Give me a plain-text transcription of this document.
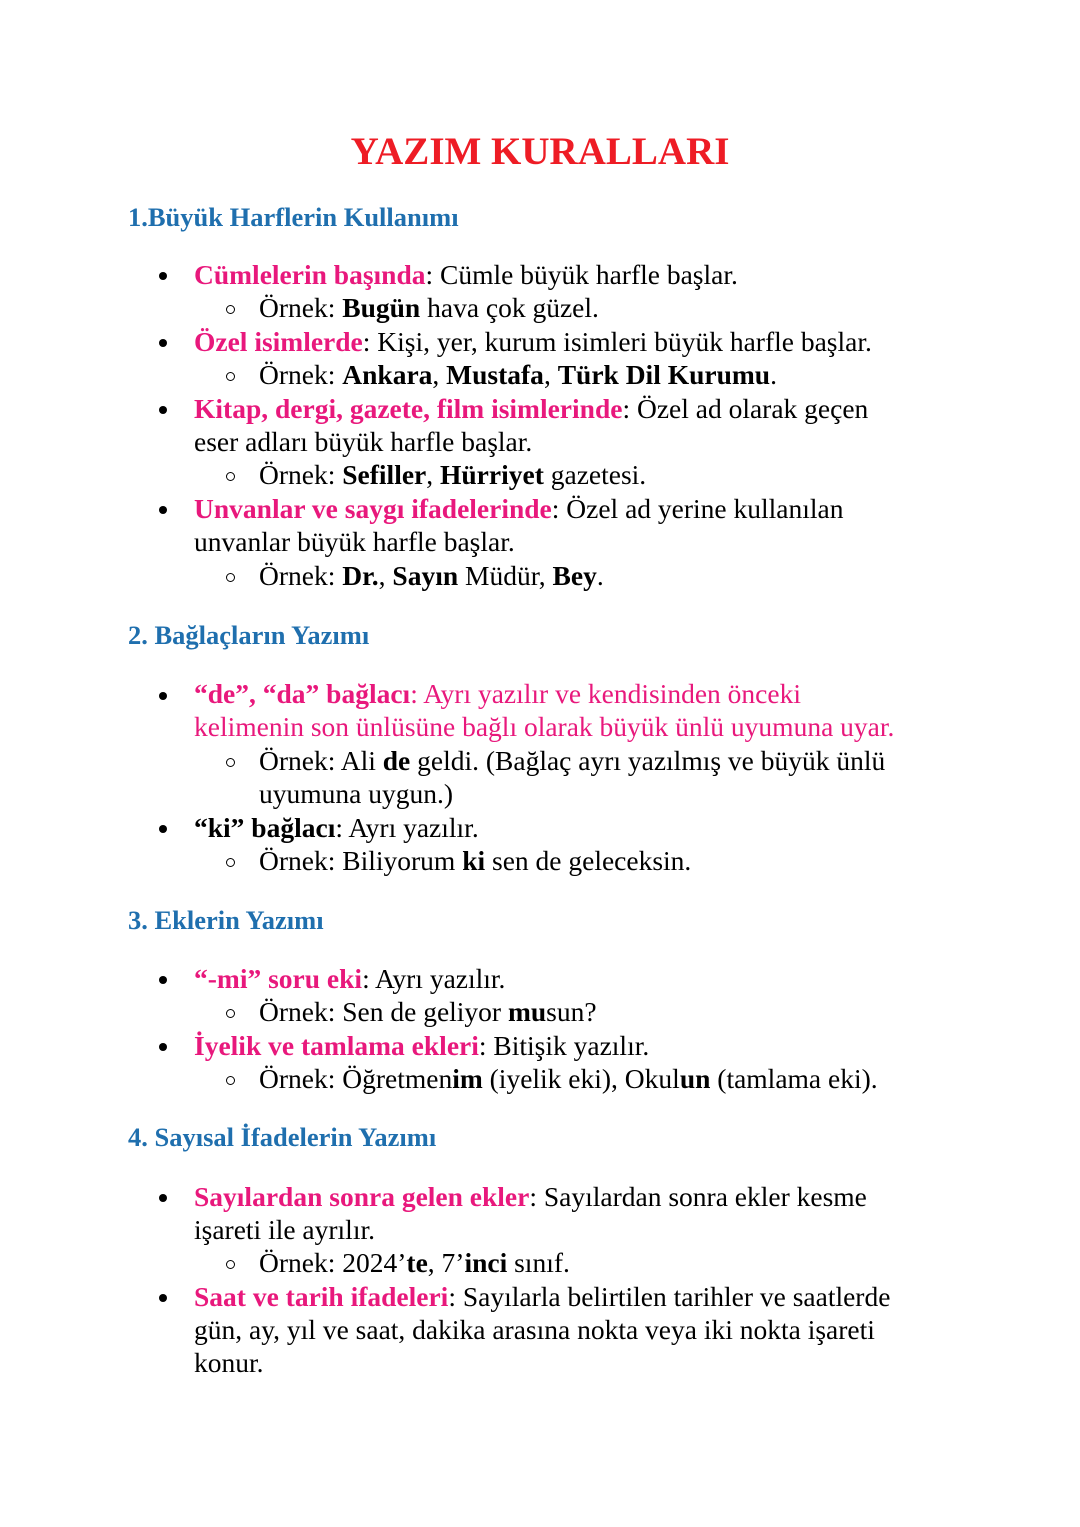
YAZIM KURALLARI
1.Büyük Harflerin Kullanımı
Cümlelerin başında: Cümle büyük harfle başlar.
Örnek: Bugün hava çok güzel.
Özel isimlerde: Kişi, yer, kurum isimleri büyük harfle başlar.
Örnek: Ankara, Mustafa, Türk Dil Kurumu.
Kitap, dergi, gazete, film isimlerinde: Özel ad olarak geçen
eser adları büyük harfle başlar.
Örnek: Sefiller, Hürriyet gazetesi.
Unvanlar ve saygı ifadelerinde: Özel ad yerine kullanılan
unvanlar büyük harfle başlar.
Örnek: Dr., Sayın Müdür, Bey.
2. Bağlaçların Yazımı
“de”, “da” bağlacı: Ayrı yazılır ve kendisinden önceki
kelimenin son ünlüsüne bağlı olarak büyük ünlü uyumuna uyar.
Örnek: Ali de geldi. (Bağlaç ayrı yazılmış ve büyük ünlü
uyumuna uygun.)
“ki” bağlacı: Ayrı yazılır.
Örnek: Biliyorum ki sen de geleceksin.
3. Eklerin Yazımı
“-mi” soru eki: Ayrı yazılır.
Örnek: Sen de geliyor musun?
İyelik ve tamlama ekleri: Bitişik yazılır.
Örnek: Öğretmenim (iyelik eki), Okulun (tamlama eki).
4. Sayısal İfadelerin Yazımı
Sayılardan sonra gelen ekler: Sayılardan sonra ekler kesme
işareti ile ayrılır.
Örnek: 2024’te, 7’inci sınıf.
Saat ve tarih ifadeleri: Sayılarla belirtilen tarihler ve saatlerde
gün, ay, yıl ve saat, dakika arasına nokta veya iki nokta işareti
konur.
